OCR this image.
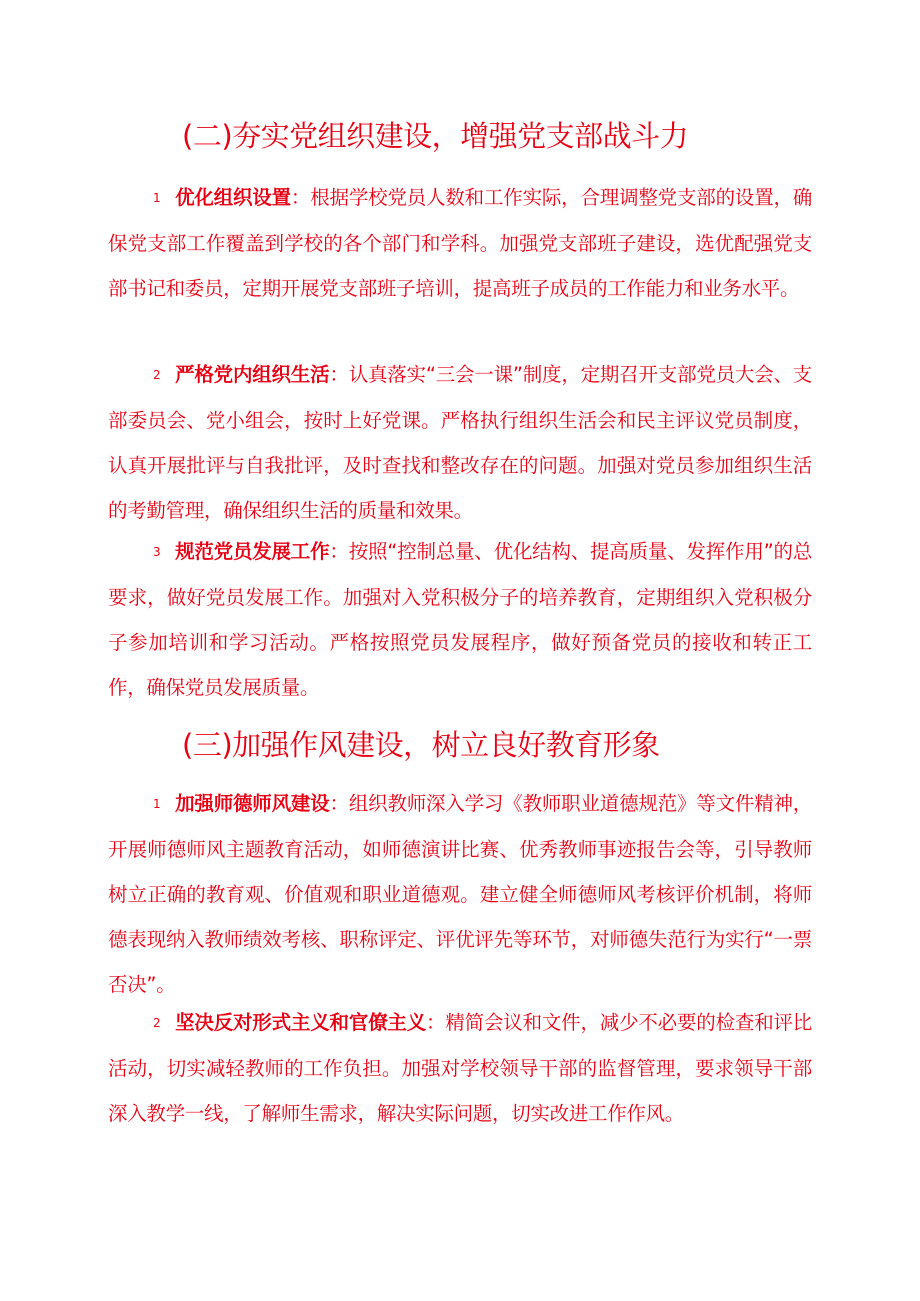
(二)夯实党组织建设，增强党支部战斗力

1 优化组织设置：根据学校党员人数和工作实际，合理调整党支部的设置，确保党支部工作覆盖到学校的各个部门和学科。加强党支部班子建设，选优配强党支部书记和委员，定期开展党支部班子培训，提高班子成员的工作能力和业务水平。

2 严格党内组织生活：认真落实“三会一课”制度，定期召开支部党员大会、支部委员会、党小组会，按时上好党课。严格执行组织生活会和民主评议党员制度，认真开展批评与自我批评，及时查找和整改存在的问题。加强对党员参加组织生活的考勤管理，确保组织生活的质量和效果。

3 规范党员发展工作：按照“控制总量、优化结构、提高质量、发挥作用”的总要求，做好党员发展工作。加强对入党积极分子的培养教育，定期组织入党积极分子参加培训和学习活动。严格按照党员发展程序，做好预备党员的接收和转正工作，确保党员发展质量。

(三)加强作风建设，树立良好教育形象

1 加强师德师风建设：组织教师深入学习《教师职业道德规范》等文件精神，开展师德师风主题教育活动，如师德演讲比赛、优秀教师事迹报告会等，引导教师树立正确的教育观、价值观和职业道德观。建立健全师德师风考核评价机制，将师德表现纳入教师绩效考核、职称评定、评优评先等环节，对师德失范行为实行“一票否决”。

2 坚决反对形式主义和官僚主义：精简会议和文件，减少不必要的检查和评比活动，切实减轻教师的工作负担。加强对学校领导干部的监督管理，要求领导干部深入教学一线，了解师生需求，解决实际问题，切实改进工作作风。
